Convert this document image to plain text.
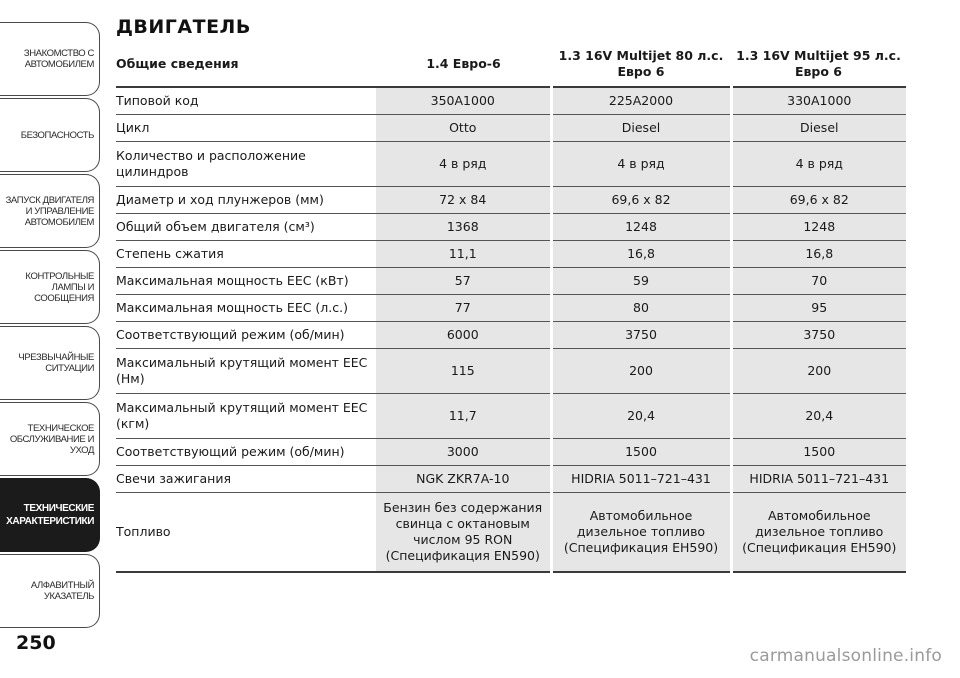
ЗНАКОМСТВО С
АВТОМОБИЛЕМ
БЕЗОПАСНОСТЬ
ЗАПУСК ДВИГАТЕЛЯ
И УПРАВЛЕНИЕ
АВТОМОБИЛЕМ
КОНТРОЛЬНЫЕ
ЛАМПЫ И
СООБЩЕНИЯ
ЧРЕЗВЫЧАЙНЫЕ
СИТУАЦИИ
ТЕХНИЧЕСКОЕ
ОБСЛУЖИВАНИЕ И
УХОД
ТЕХНИЧЕСКИЕ
ХАРАКТЕРИСТИКИ
АЛФАВИТНЫЙ
УКАЗАТЕЛЬ
250
ДВИГАТЕЛЬ
Общие сведения	1.4 Евро-6	1.3 16V Multijet 80 л.с. Евро 6	1.3 16V Multijet 95 л.с. Евро 6
Типовой код	350A1000	225A2000	330A1000
Цикл	Otto	Diesel	Diesel
Количество и расположение цилиндров	4 в ряд	4 в ряд	4 в ряд
Диаметр и ход плунжеров (мм)	72 x 84	69,6 x 82	69,6 x 82
Общий объем двигателя (см³)	1368	1248	1248
Степень сжатия	11,1	16,8	16,8
Максимальная мощность ЕЕС (кВт)	57	59	70
Максимальная мощность ЕЕС (л.с.)	77	80	95
Соответствующий режим (об/мин)	6000	3750	3750
Максимальный крутящий момент ЕЕС (Нм)	115	200	200
Максимальный крутящий момент ЕЕС (кгм)	11,7	20,4	20,4
Соответствующий режим (об/мин)	3000	1500	1500
Свечи зажигания	NGK ZKR7A-10	HIDRIA 5011–721–431	HIDRIA 5011–721–431
Топливо	Бензин без содержания свинца с октановым числом 95 RON (Спецификация EN590)	Автомобильное дизельное топливо (Спецификация EH590)	Автомобильное дизельное топливо (Спецификация EH590)
carmanualsonline.info
